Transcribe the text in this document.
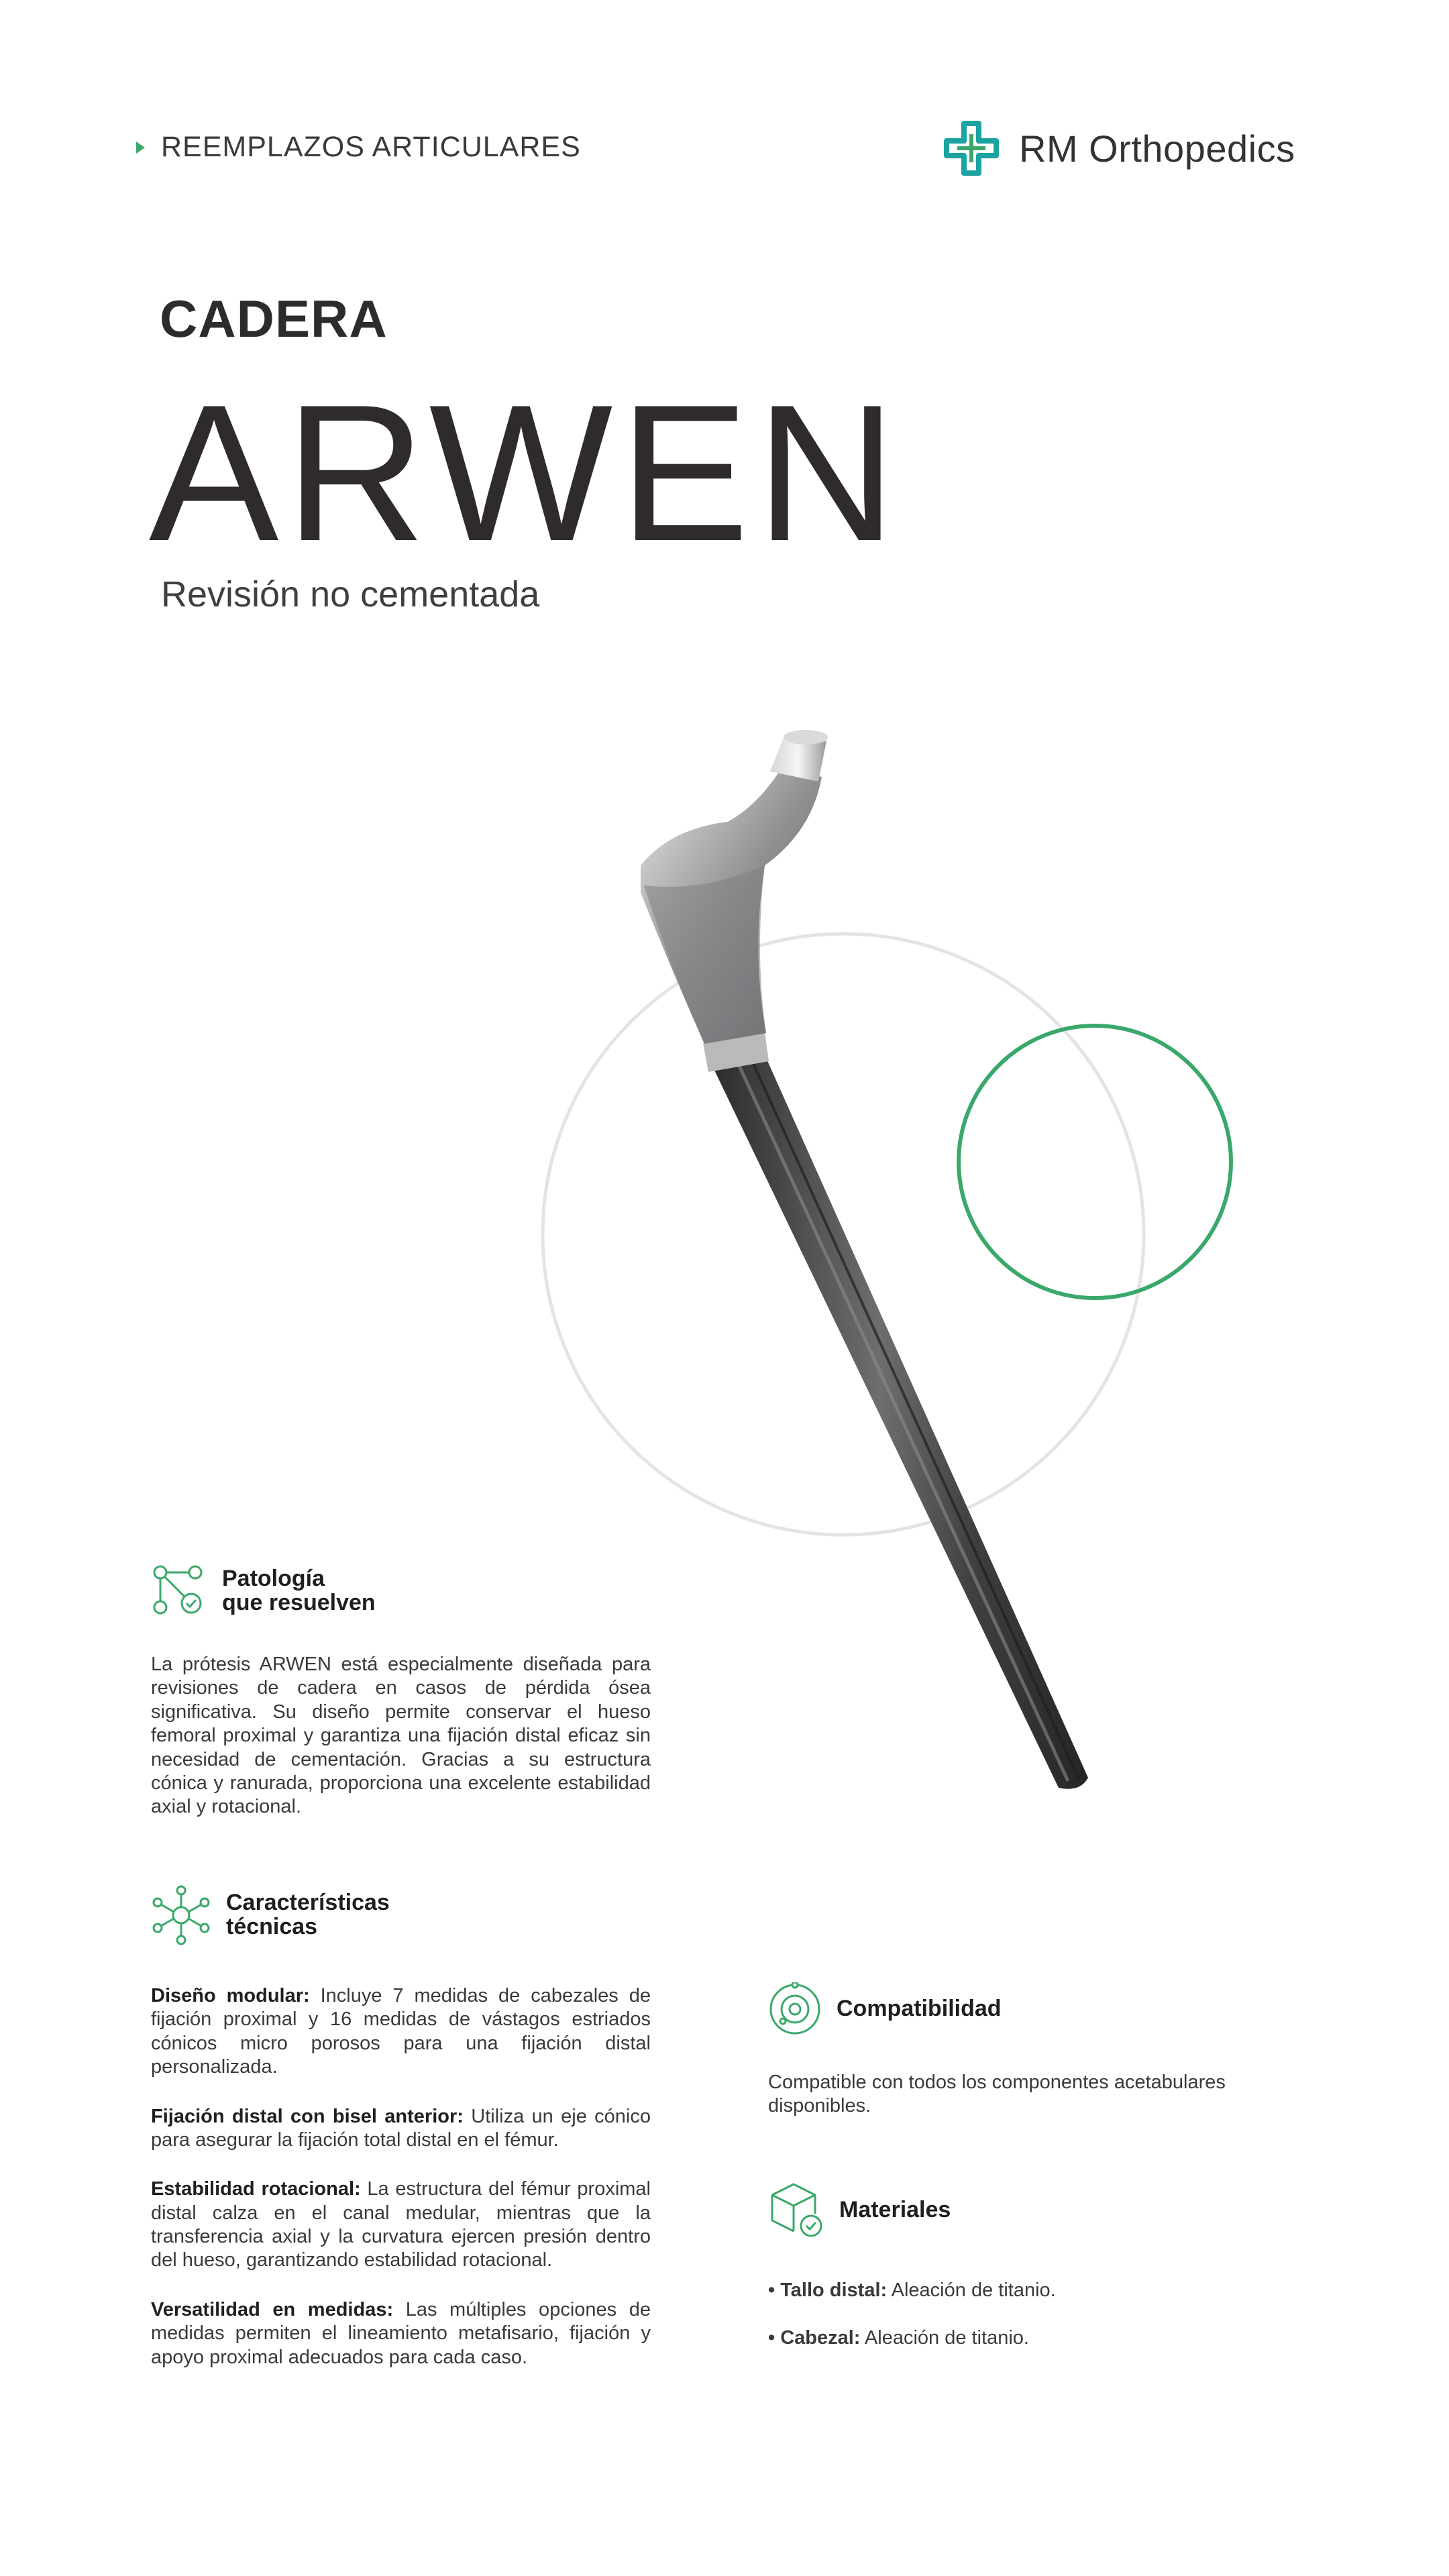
REEMPLAZOS ARTICULARES	RM Orthopedics
CADERA
ARWEN
Revisión no cementada
Patología
que resuelven

La prótesis ARWEN está especialmente diseñada para revisiones de cadera en casos de pérdida ósea significativa. Su diseño permite conservar el hueso femoral proximal y garantiza una fijación distal eficaz sin necesidad de cementación. Gracias a su estructura cónica y ranurada, proporciona una excelente estabilidad axial y rotacional.

Características
técnicas

Diseño modular: Incluye 7 medidas de cabezales de fijación proximal y 16 medidas de vástagos estriados cónicos micro porosos para una fijación distal personalizada.

Fijación distal con bisel anterior: Utiliza un eje cónico para asegurar la fijación total distal en el fémur.

Estabilidad rotacional: La estructura del fémur proximal distal calza en el canal medular, mientras que la transferencia axial y la curvatura ejercen presión dentro del hueso, garantizando estabilidad rotacional.

Versatilidad en medidas: Las múltiples opciones de medidas permiten el lineamiento metafisario, fijación y apoyo proximal adecuados para cada caso.

Compatibilidad

Compatible con todos los componentes acetabulares disponibles.

Materiales
• Tallo distal: Aleación de titanio.
• Cabezal: Aleación de titanio.
